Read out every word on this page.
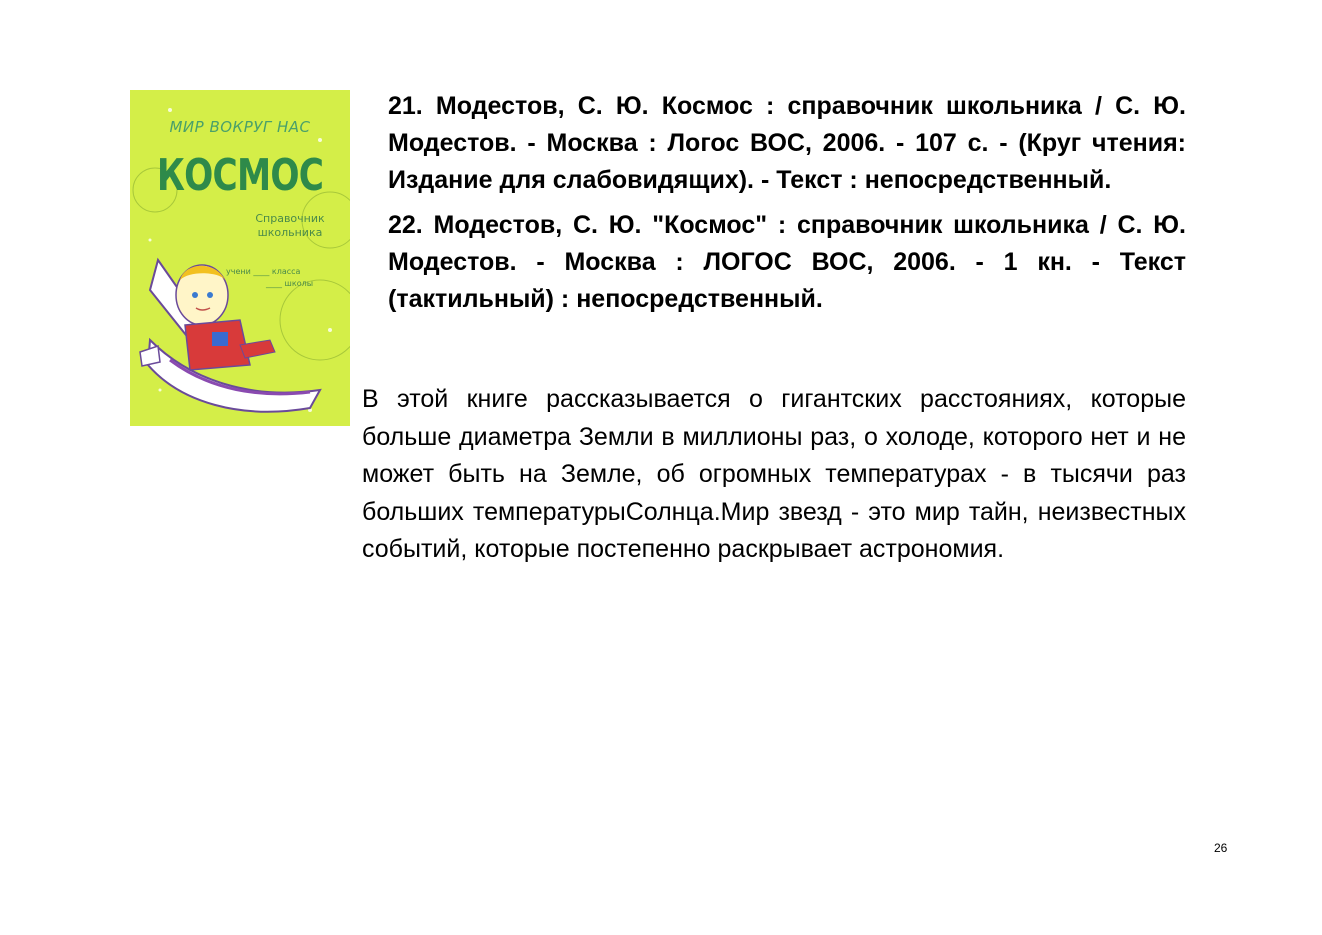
МИР ВОКРУГ НАС
КОСМОС
Справочник школьника
учени ____ класса
____ школы

21. Модестов, С. Ю. Космос : справочник школьника / С. Ю. Модестов. - Москва : Логос ВОС, 2006. - 107 с. - (Круг чтения: Издание для слабовидящих). - Текст : непосредственный.

22. Модестов, С. Ю. "Космос" : справочник школьника / С. Ю. Модестов. - Москва : ЛОГОС ВОС, 2006. - 1 кн. - Текст (тактильный) : непосредственный.

В этой книге рассказывается о гигантских расстояниях, которые больше диаметра Земли в миллионы раз, о холоде, которого нет и не может быть на Земле, об огромных температурах - в тысячи раз больших температурыСолнца.Мир звезд - это мир тайн, неизвестных событий, которые постепенно раскрывает астрономия.

26
